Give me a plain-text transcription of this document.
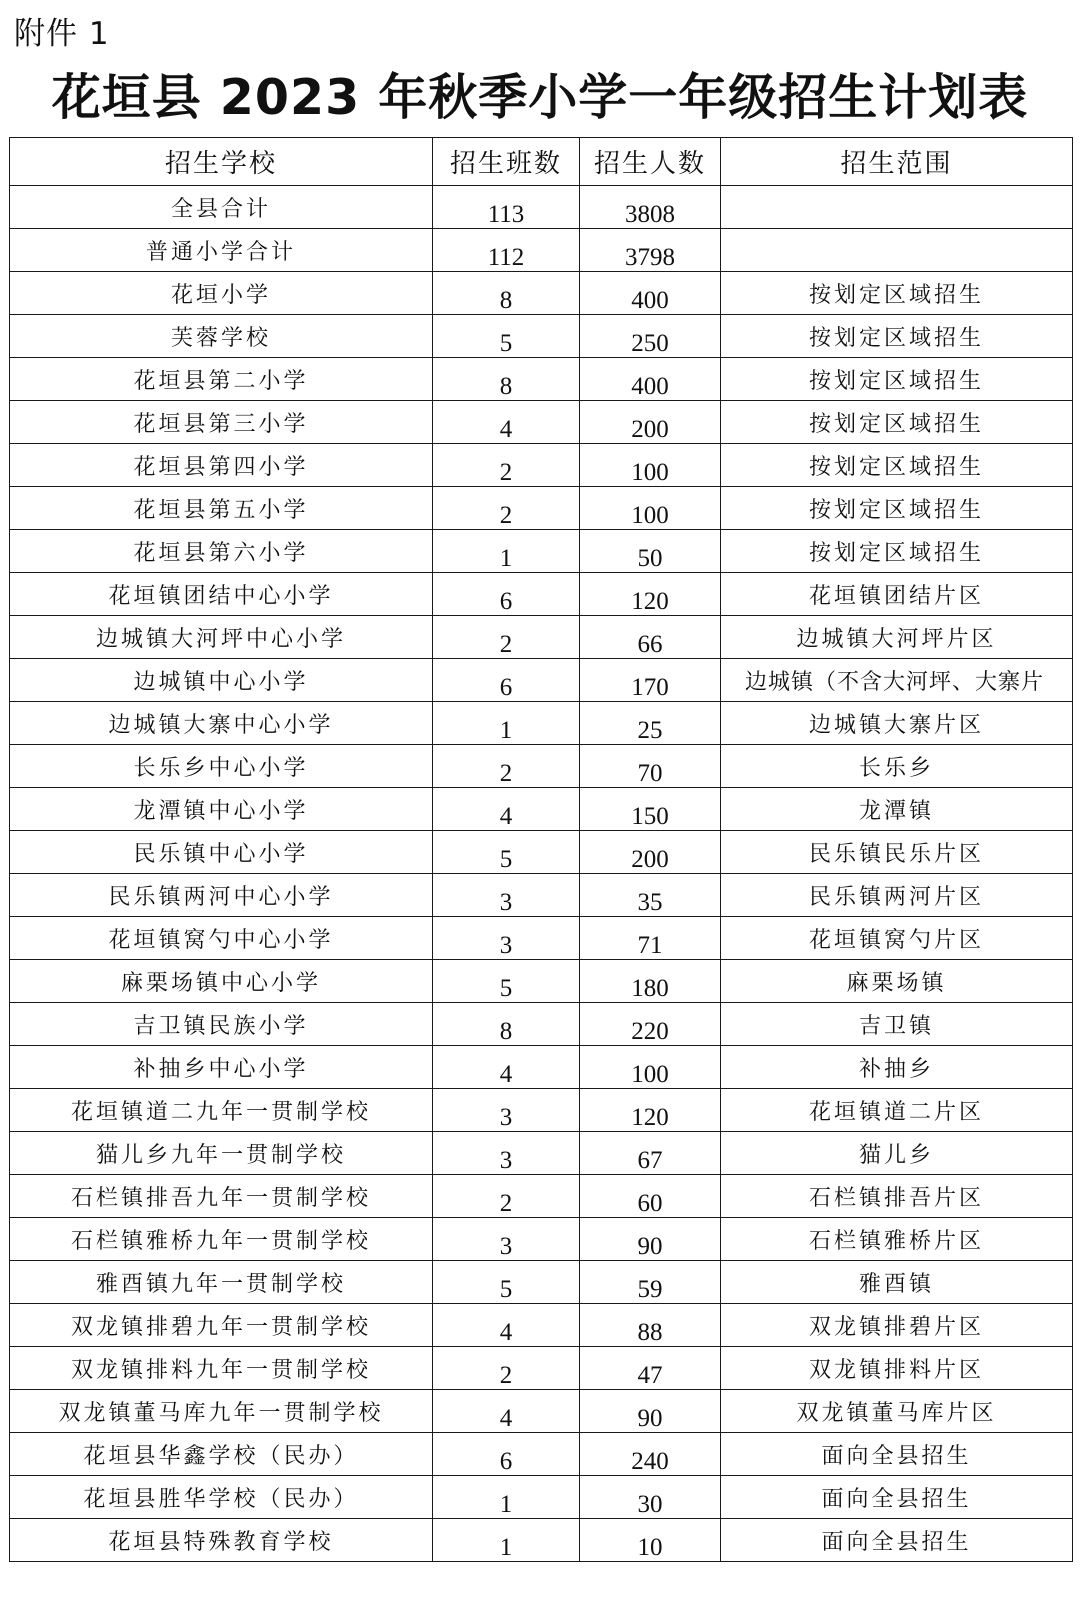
附件 1
花垣县 2023 年秋季小学一年级招生计划表
招生学校	招生班数	招生人数	招生范围
全县合计	113	3808	
普通小学合计	112	3798	
花垣小学	8	400	按划定区域招生
芙蓉学校	5	250	按划定区域招生
花垣县第二小学	8	400	按划定区域招生
花垣县第三小学	4	200	按划定区域招生
花垣县第四小学	2	100	按划定区域招生
花垣县第五小学	2	100	按划定区域招生
花垣县第六小学	1	50	按划定区域招生
花垣镇团结中心小学	6	120	花垣镇团结片区
边城镇大河坪中心小学	2	66	边城镇大河坪片区
边城镇中心小学	6	170	边城镇（不含大河坪、大寨片
边城镇大寨中心小学	1	25	边城镇大寨片区
长乐乡中心小学	2	70	长乐乡
龙潭镇中心小学	4	150	龙潭镇
民乐镇中心小学	5	200	民乐镇民乐片区
民乐镇两河中心小学	3	35	民乐镇两河片区
花垣镇窝勺中心小学	3	71	花垣镇窝勺片区
麻栗场镇中心小学	5	180	麻栗场镇
吉卫镇民族小学	8	220	吉卫镇
补抽乡中心小学	4	100	补抽乡
花垣镇道二九年一贯制学校	3	120	花垣镇道二片区
猫儿乡九年一贯制学校	3	67	猫儿乡
石栏镇排吾九年一贯制学校	2	60	石栏镇排吾片区
石栏镇雅桥九年一贯制学校	3	90	石栏镇雅桥片区
雅酉镇九年一贯制学校	5	59	雅酉镇
双龙镇排碧九年一贯制学校	4	88	双龙镇排碧片区
双龙镇排料九年一贯制学校	2	47	双龙镇排料片区
双龙镇董马库九年一贯制学校	4	90	双龙镇董马库片区
花垣县华鑫学校（民办）	6	240	面向全县招生
花垣县胜华学校（民办）	1	30	面向全县招生
花垣县特殊教育学校	1	10	面向全县招生
